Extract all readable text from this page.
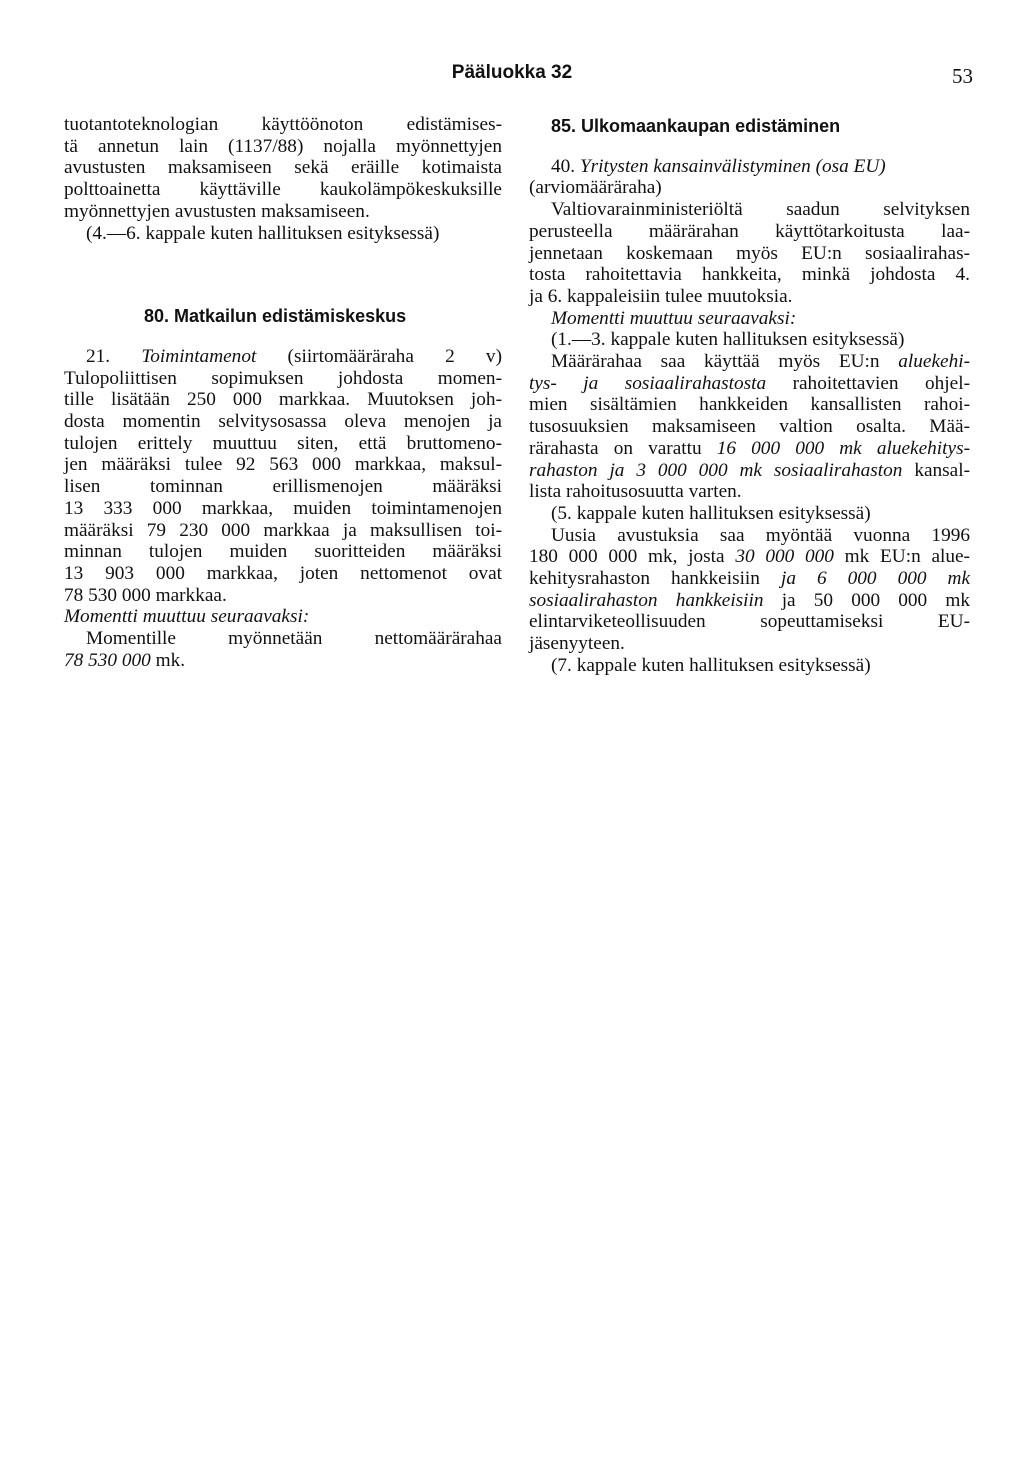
Pääluokka 32	53
tuotantoteknologian käyttöönoton edistämises-
tä annetun lain (1137/88) nojalla myönnettyjen
avustusten maksamiseen sekä eräille kotimaista
polttoainetta käyttäville kaukolämpökeskuksille
myönnettyjen avustusten maksamiseen.
(4.—6. kappale kuten hallituksen esityksessä)
80. Matkailun edistämiskeskus
21. Toimintamenot (siirtomääräraha 2 v)
Tulopoliittisen sopimuksen johdosta momen-
tille lisätään 250 000 markkaa. Muutoksen joh-
dosta momentin selvitysosassa oleva menojen ja
tulojen erittely muuttuu siten, että bruttomeno-
jen määräksi tulee 92 563 000 markkaa, maksul-
lisen tominnan erillismenojen määräksi
13 333 000 markkaa, muiden toimintamenojen
määräksi 79 230 000 markkaa ja maksullisen toi-
minnan tulojen muiden suoritteiden määräksi
13 903 000 markkaa, joten nettomenot ovat
78 530 000 markkaa.
Momentti muuttuu seuraavaksi:
Momentille myönnetään nettomäärärahaa
78 530 000 mk.
85. Ulkomaankaupan edistäminen
40. Yritysten kansainvälistyminen (osa EU)
(arviomääräraha)
Valtiovarainministeriöltä saadun selvityksen
perusteella määrärahan käyttötarkoitusta laa-
jennetaan koskemaan myös EU:n sosiaalirahas-
tosta rahoitettavia hankkeita, minkä johdosta 4.
ja 6. kappaleisiin tulee muutoksia.
Momentti muuttuu seuraavaksi:
(1.—3. kappale kuten hallituksen esityksessä)
Määrärahaa saa käyttää myös EU:n aluekehi-
tys- ja sosiaalirahastosta rahoitettavien ohjel-
mien sisältämien hankkeiden kansallisten rahoi-
tusosuuksien maksamiseen valtion osalta. Mää-
rärahasta on varattu 16 000 000 mk aluekehitys-
rahaston ja 3 000 000 mk sosiaalirahaston kansal-
lista rahoitusosuutta varten.
(5. kappale kuten hallituksen esityksessä)
Uusia avustuksia saa myöntää vuonna 1996
180 000 000 mk, josta 30 000 000 mk EU:n alue-
kehitysrahaston hankkeisiin ja 6 000 000 mk
sosiaalirahaston hankkeisiin ja 50 000 000 mk
elintarviketeollisuuden sopeuttamiseksi EU-
jäsenyyteen.
(7. kappale kuten hallituksen esityksessä)
